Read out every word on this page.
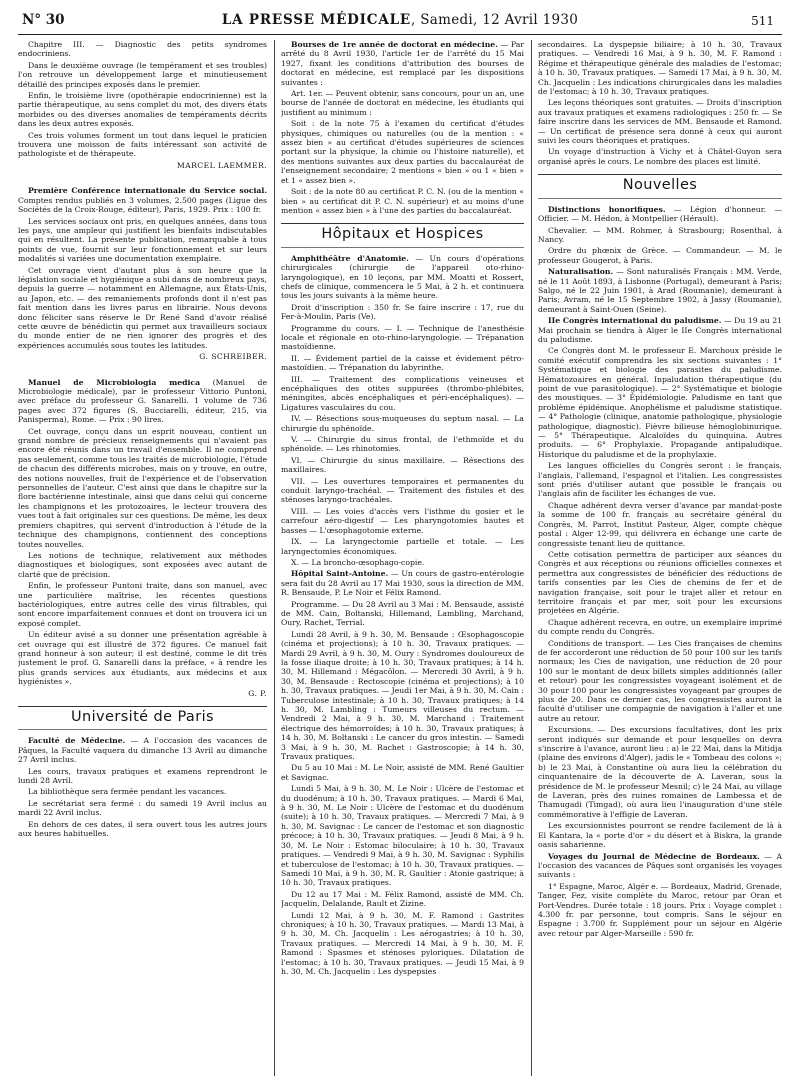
N° 30	LA PRESSE MÉDICALE, Samedi, 12 Avril 1930	511

Chapitre III. — Diagnostic des petits syndromes endocriniens.

Dans le deuxième ouvrage (le tempérament et ses troubles) l'on retrouve un développement large et minutieusement détaillé des principes exposés dans le premier.

Enfin, le troisième livre (opothérapie endocrinienne) est la partie thérapeutique, au sens complet du mot, des divers états morbides ou des diverses anomalies de tempéraments décrits dans les deux autres exposés.

Ces trois volumes forment un tout dans lequel le praticien trouvera une moisson de faits intéressant son activité de pathologiste et de thérapeute.

MARCEL LAEMMER.

Première Conférence internationale du Service social. Comptes rendus publiés en 3 volumes, 2.500 pages (Ligue des Sociétés de la Croix-Rouge, éditeur), Paris, 1929. Prix : 100 fr.

Les services sociaux ont pris, en quelques années, dans tous les pays, une ampleur qui justifient les bienfaits indiscutables qui en résultent. La présente publication, remarquable à tous points de vue, fournit sur leur fonctionnement et sur leurs modalités si variées une documentation exemplaire.

Cet ouvrage vient d'autant plus à son heure que la législation sociale et hygiénique a subi dans de nombreux pays, depuis la guerre — notamment en Allemagne, aux États-Unis, au Japon, etc. — des remaniements profonds dont il n'est pas fait mention dans les livres parus en librairie. Nous devons donc féliciter sans réserve le Dr René Sand d'avoir réalisé cette œuvre de bénédictin qui permet aux travailleurs sociaux du monde entier de ne rien ignorer des progrès et des expériences accumulés sous toutes les latitudes.

G. SCHREIBER.

Manuel de Microbiologia medica (Manuel de Microbiologie médicale), par le professeur Vittorio Puntoni, avec préface du professeur G. Sanarelli. 1 volume de 736 pages avec 372 figures (S. Bucciarelli, éditeur, 215, via Panisperma), Rome. — Prix : 90 lires.

Cet ouvrage, conçu dans un esprit nouveau, contient un grand nombre de précieux renseignements qui n'avaient pas encore été réunis dans un travail d'ensemble. Il ne comprend pas seulement, comme tous les traités de microbiologie, l'étude de chacun des différents microbes, mais on y trouve, en outre, des notions nouvelles, fruit de l'expérience et de l'observation personnelles de l'auteur. C'est ainsi que dans le chapitre sur la flore bactérienne intestinale, ainsi que dans celui qui concerne les champignons et les protozoaires, le lecteur trouvera des vues tout à fait originales sur ces questions. De même, les deux premiers chapitres, qui servent d'introduction à l'étude de la technique des champignons, contiennent des conceptions toutes nouvelles.

Les notions de technique, relativement aux méthodes diagnostiques et biologiques, sont exposées avec autant de clarté que de précision.

Enfin, le professeur Puntoni traite, dans son manuel, avec une particulière maîtrise, les récentes questions bactériologiques, entre autres celle des virus filtrables, qui sont encore imparfaitement connues et dont on trouvera ici un exposé complet.

Un éditeur avisé a su donner une présentation agréable à cet ouvrage qui est illustré de 372 figures. Ce manuel fait grand honneur à son auteur; il est destiné, comme le dit très justement le prof. G. Sanarelli dans la préface, « à rendre les plus grands services aux étudiants, aux médecins et aux hygiénistes ».

G. P.

Université de Paris

Faculté de Médecine. — A l'occasion des vacances de Pâques, la Faculté vaquera du dimanche 13 Avril au dimanche 27 Avril inclus.

Les cours, travaux pratiques et examens reprendront le lundi 28 Avril.

La bibliothèque sera fermée pendant les vacances.

Le secrétariat sera fermé : du samedi 19 Avril inclus au mardi 22 Avril inclus.

En dehors de ces dates, il sera ouvert tous les autres jours aux heures habituelles.

Bourses de 1re année de doctorat en médecine. — Par arrêté du 8 Avril 1930, l'article 1er de l'arrêté du 15 Mai 1927, fixant les conditions d'attribution des bourses de doctorat en médecine, est remplacé par les dispositions suivantes :

Art. 1er. — Peuvent obtenir, sans concours, pour un an, une bourse de l'année de doctorat en médecine, les étudiants qui justifient au minimum :

Soit : de la note 75 à l'examen du certificat d'études physiques, chimiques ou naturelles (ou de la mention : « assez bien » au certificat d'études supérieures de sciences portant sur la physique, la chimie ou l'histoire naturelle), et des mentions suivantes aux deux parties du baccalauréat de l'enseignement secondaire; 2 mentions « bien » ou 1 « bien » et 1 « assez bien ».

Soit : de la note 80 au certificat P. C. N. (ou de la mention « bien » au certificat dit P. C. N. supérieur) et au moins d'une mention « assez bien » à l'une des parties du baccalauréat.

Hôpitaux et Hospices

Amphithéâtre d'Anatomie. — Un cours d'opérations chirurgicales (chirurgie de l'appareil oto-rhino-laryngologique), en 10 leçons, par MM. Moatti et Rossert, chefs de clinique, commencera le 5 Mai, à 2 h. et continuera tous les jours suivants à la même heure.

Droit d'inscription : 350 fr. Se faire inscrire : 17, rue du Fer-à-Moulin, Paris (Ve).

Programme du cours. — I. — Technique de l'anesthésie locale et régionale en oto-rhino-laryngologie. — Trépanation mastoïdienne.

II. — Évidement partiel de la caisse et évidement pétro-mastoïdien. — Trépanation du labyrinthe.

III. — Traitement des complications veineuses et encéphaliques des otites suppurées (thrombo-phlébites, méningites, abcès encéphaliques et péri-encéphaliques). — Ligatures vasculaires du cou.

IV. — Résections sous-muqueuses du septum nasal. — La chirurgie du sphénoïde.

V. — Chirurgie du sinus frontal, de l'ethmoïde et du sphénoïde. — Les rhinotomies.

VI. — Chirurgie du sinus maxillaire. — Résections des maxillaires.

VII. — Les ouvertures temporaires et permanentes du conduit laryngo-trachéal. — Traitement des fistules et des sténoses laryngo-trachéales.

VIII. — Les voies d'accès vers l'isthme du gosier et le carrefour aéro-digestif — Les pharyngotomies hautes et basses — L'œsophagotomie externe.

IX. — La laryngectomie partielle et totale. — Les laryngectomies économiques.

X. — La broncho-œsophago-copie.

Hôpital Saint-Antoine. — Un cours de gastro-entérologie sera fait du 28 Avril au 17 Mai 1930, sous la direction de MM. R. Bensaude, P. Le Noir et Félix Ramond.

Programme. — Du 28 Avril au 3 Mai : M. Bensaude, assisté de MM. Cain, Boltanski, Hillemand, Lambling, Marchand, Oury, Rachet, Terrial.

Lundi 28 Avril, à 9 h. 30, M. Bensaude : Œsophagoscopie (cinéma et projections); à 10 h. 30, Travaux pratiques. — Mardi 29 Avril, à 9 h. 30, M. Oury : Syndromes douloureux de la fosse iliaque droite; à 10 h. 30, Travaux pratiques; à 14 h. 30, M. Hillemand : Mégacôlon. — Mercredi 30 Avril, à 9 h. 30, M. Bensaude : Rectoscopie (cinéma et projections); à 10 h. 30, Travaux pratiques. — Jeudi 1er Mai, à 9 h. 30, M. Cain : Tuberculose intestinale; à 10 h. 30, Travaux pratiques; à 14 h. 30, M. Lambling : Tumeurs villeuses du rectum. — Vendredi 2 Mai, à 9 h. 30, M. Marchand : Traitement électrique des hémorroïdes; à 10 h. 30, Travaux pratiques; à 14 h. 30, M. Boltanski : Le cancer du gros intestin. — Samedi 3 Mai, à 9 h. 30, M. Rachet : Gastroscopie; à 14 h. 30, Travaux pratiques.

Du 5 au 10 Mai : M. Le Noir, assisté de MM. René Gaultier et Savignac.

Lundi 5 Mai, à 9 h. 30, M. Le Noir : Ulcère de l'estomac et du duodénum; à 10 h. 30, Travaux pratiques. — Mardi 6 Mai, à 9 h. 30, M. Le Noir : Ulcère de l'estomac et du duodénum (suite); à 10 h. 30, Travaux pratiques. — Mercredi 7 Mai, à 9 h. 30, M. Savignac : Le cancer de l'estomac et son diagnostic précoce; à 10 h. 30, Travaux pratiques. — Jeudi 8 Mai, à 9 h. 30, M. Le Noir : Estomac biloculaire; à 10 h. 30, Travaux pratiques. — Vendredi 9 Mai, à 9 h. 30, M. Savignac : Syphilis et tuberculose de l'estomac; à 10 h. 30, Travaux pratiques. — Samedi 10 Mai, à 9 h. 30, M. R. Gaultier : Atonie gastrique; à 10 h. 30, Travaux pratiques.

Du 12 au 17 Mai : M. Félix Ramond, assisté de MM. Ch. Jacquelin, Delalande, Rault et Zizine.

Lundi 12 Mai, à 9 h. 30, M. F. Ramond : Gastrites chroniques; à 10 h. 30, Travaux pratiques. — Mardi 13 Mai, à 9 h. 30, M. Ch. Jacquelin : Les aérogastries; à 10 h. 30, Travaux pratiques. — Mercredi 14 Mai, à 9 h. 30, M. F. Ramond : Spasmes et sténoses pyloriques. Dilatation de l'estomac; à 10 h. 30, Travaux pratiques. — Jeudi 15 Mai, à 9 h. 30, M. Ch. Jacquelin : Les dyspepsies

secondaires. La dyspepsie biliaire; à 10 h. 30, Travaux pratiques. — Vendredi 16 Mai, à 9 h. 30, M. F. Ramond : Régime et thérapeutique générale des maladies de l'estomac; à 10 h. 30, Travaux pratiques. — Samedi 17 Mai, à 9 h. 30, M. Ch. Jacquelin : Les indications chirurgicales dans les maladies de l'estomac; à 10 h. 30, Travaux pratiques.

Les leçons théoriques sont gratuites. — Droits d'inscription aux travaux pratiques et examens radiologiques : 250 fr. — Se faire inscrire dans les services de MM. Bensaude et Ramond. — Un certificat de présence sera donné à ceux qui auront suivi les cours théoriques et pratiques.

Un voyage d'instruction à Vichy et à Châtel-Guyon sera organisé après le cours. Le nombre des places est limité.

Nouvelles

Distinctions honorifiques. — Légion d'honneur. — Officier. — M. Hédon, à Montpellier (Hérault).

Chevalier. — MM. Rohmer, à Strasbourg; Rosenthal, à Nancy.

Ordre du phœnix de Grèce. — Commandeur. — M. le professeur Gougerot, à Paris.

Naturalisation. — Sont naturalisés Français : MM. Verde, né le 11 Août 1893, à Lisbonne (Portugal), demeurant à Paris; Salgo, né le 22 Juin 1901, à Arad (Roumanie), demeurant à Paris; Avram, né le 15 Septembre 1902, à Jassy (Roumanie), demeurant à Saint-Ouen (Seine).

IIe Congrès international du paludisme. — Du 19 au 21 Mai prochain se tiendra à Alger le IIe Congrès international du paludisme.

Ce Congrès dont M. le professeur E. Marchoux préside le comité exécutif comprendra les six sections suivantes : 1° Systématique et biologie des parasites du paludisme. Hématozoaires en général. Inpaludation thérapeutique (du point de vue parasitologique). — 2° Systématique et biologie des moustiques. — 3° Épidémiologie. Paludisme en tant que problème épidémique. Anophélisme et paludisme statistique. — 4° Pathologie (clinique, anatomie pathologique, physiologie pathologique, diagnostic). Fièvre bilieuse hémoglobinurique. — 5° Thérapeutique. Alcaloïdes du quinquina. Autres produits. — 6° Prophylaxie. Propagande antipaludique. Historique du paludisme et de la prophylaxie.

Les langues officielles du Congrès seront : le français, l'anglais, l'allemand, l'espagnol et l'italien. Les congressistes sont priés d'utiliser autant que possible le français ou l'anglais afin de faciliter les échanges de vue.

Chaque adhérent devra verser d'avance par mandat-poste la somme de 100 fr. français au secrétaire général du Congrès, M. Parrot, Institut Pasteur, Alger, compte chèque postal : Alger 12-99, qui délivrera en échange une carte de congressiste tenant lieu de quittance.

Cette cotisation permettra de participer aux séances du Congrès et aux réceptions ou réunions officielles connexes et permettra aux congressistes de bénéficier des réductions de tarifs consenties par les Cies de chemins de fer et de navigation française, soit pour le trajet aller et retour en territoire français et par mer, soit pour les excursions projetées en Algérie.

Chaque adhérent recevra, en outre, un exemplaire imprimé du compte rendu du Congrès.

Conditions de transport. — Les Cies françaises de chemins de fer accorderont une réduction de 50 pour 100 sur les tarifs normaux; les Cies de navigation, une réduction de 20 pour 100 sur le montant de deux billets simples additionnés (aller et retour) pour les congressistes voyageant isolément et de 30 pour 100 pour les congressistes voyageant par groupes de plus de 20. Dans ce dernier cas, les congressistes auront la faculté d'utiliser une compagnie de navigation à l'aller et une autre au retour.

Excursions. — Des excursions facultatives, dont les prix seront indiqués sur demande et pour lesquelles on devra s'inscrire à l'avance, auront lieu : a) le 22 Mai, dans la Mitidja (plaine des environs d'Alger), jadis le « Tombeau des colons »; b) le 23 Mai, à Constantine où aura lieu la célébration du cinquantenaire de la découverte de A. Laveran, sous la présidence de M. le professeur Mesnil; c) le 24 Mai, au village de Laveran, près des ruines romaines de Lambessa et de Thamugadi (Timgad), où aura lieu l'inauguration d'une stèle commémorative à l'effigie de Laveran.

Les excursionnistes pourront se rendre facilement de là à El Kantara, la « porte d'or » du désert et à Biskra, la grande oasis saharienne.

Voyages du Journal de Médecine de Bordeaux. — A l'occasion des vacances de Pâques sont organisés les voyages suivants :

1° Espagne, Maroc, Algér e. — Bordeaux, Madrid, Grenade, Tanger, Fez, visite complète du Maroc, retour par Oran et Port-Vendres. Durée totale : 18 jours. Prix : Voyage complet : 4.300 fr. par personne, tout compris. Sans le séjour en Espagne : 3.700 fr. Supplément pour un séjour en Algérie avec retour par Alger-Marseille : 590 fr.
